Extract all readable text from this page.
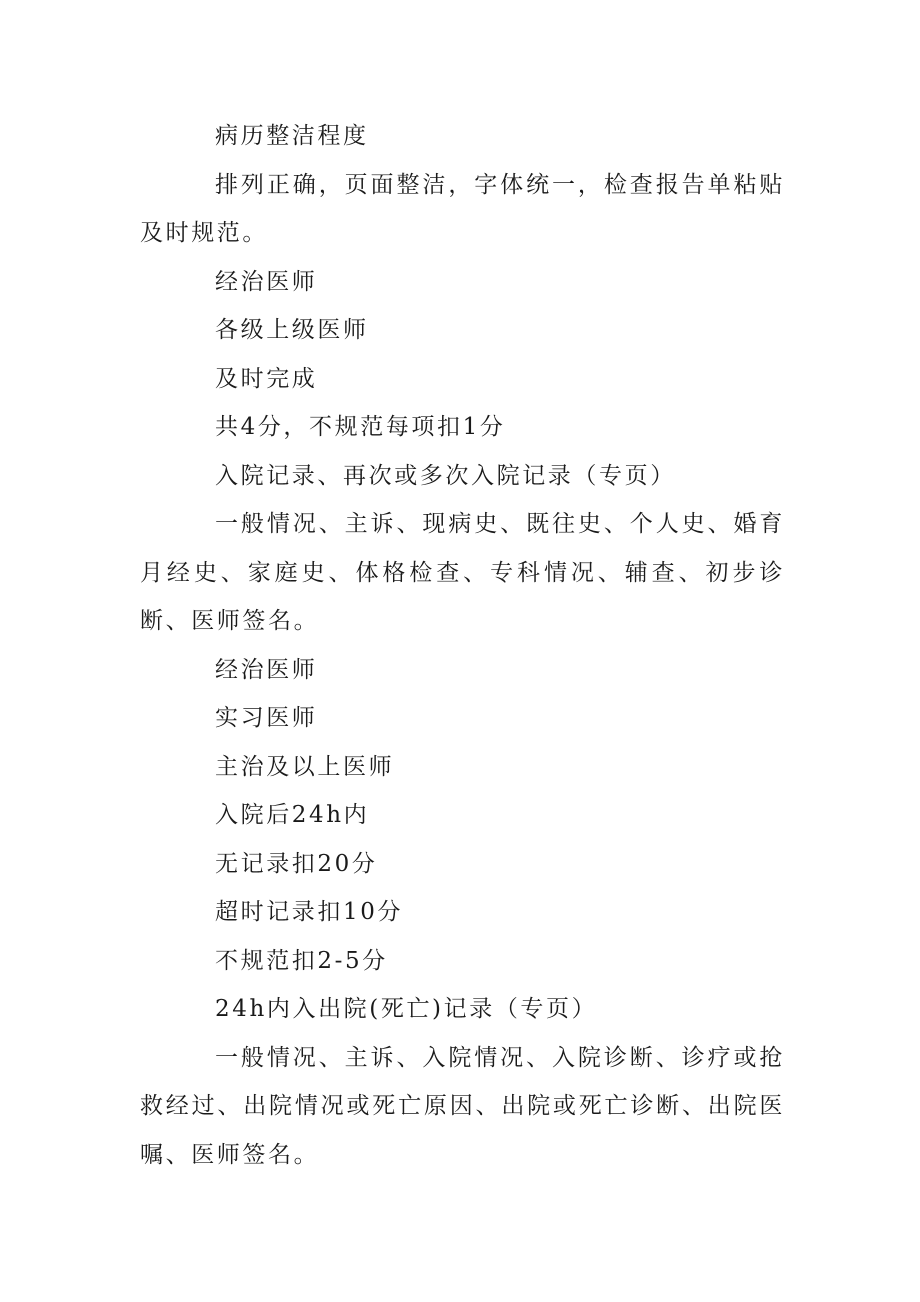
病历整洁程度

排列正确，页面整洁，字体统一，检查报告单粘贴及时规范。

经治医师

各级上级医师

及时完成

共4分，不规范每项扣1分

入院记录、再次或多次入院记录（专页）

一般情况、主诉、现病史、既往史、个人史、婚育月经史、家庭史、体格检查、专科情况、辅查、初步诊断、医师签名。

经治医师

实习医师

主治及以上医师

入院后24h内

无记录扣20分

超时记录扣10分

不规范扣2-5分

24h内入出院(死亡)记录（专页）

一般情况、主诉、入院情况、入院诊断、诊疗或抢救经过、出院情况或死亡原因、出院或死亡诊断、出院医嘱、医师签名。
